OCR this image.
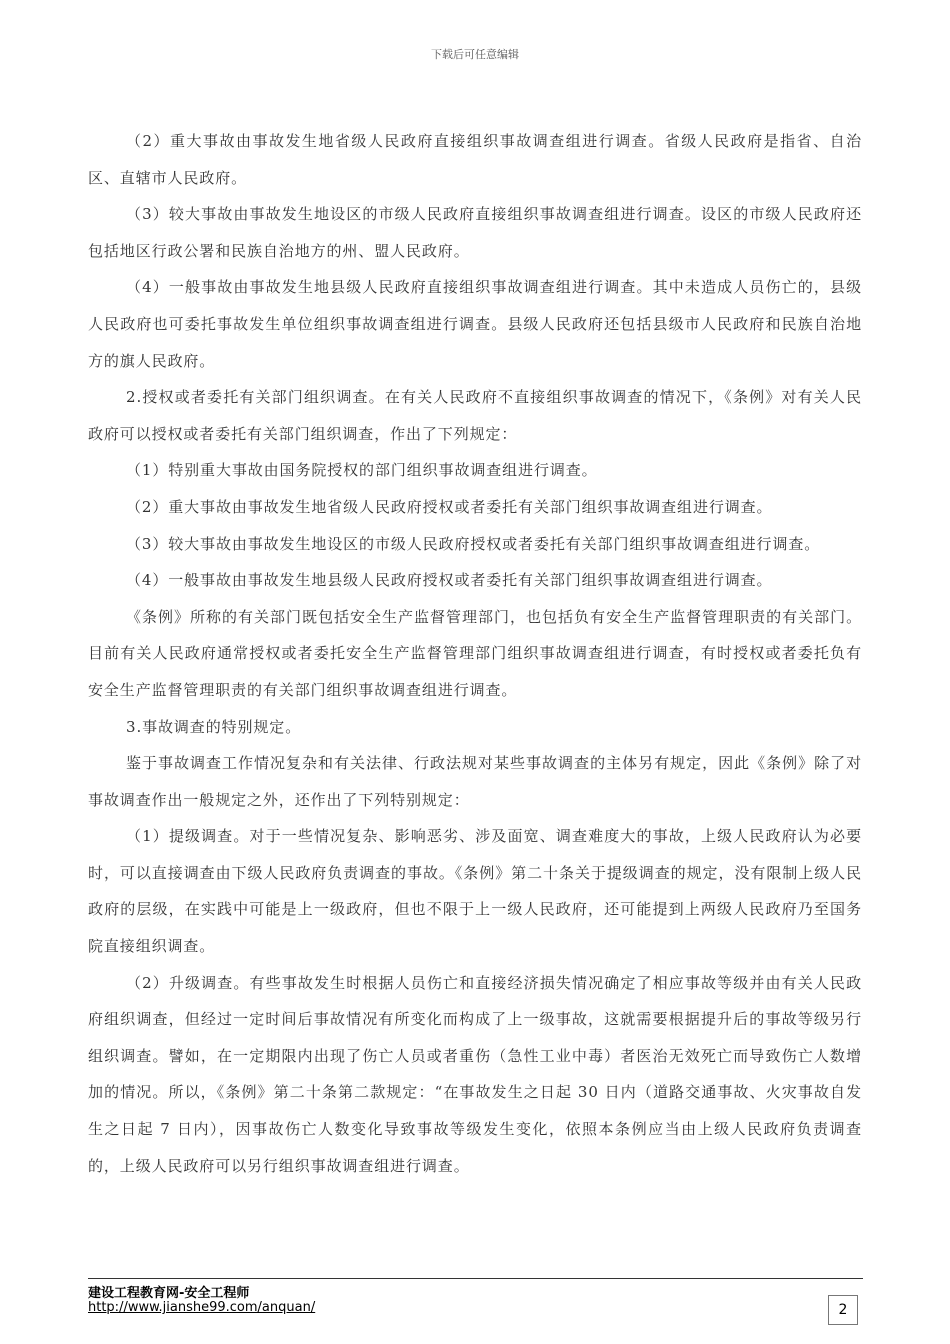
下载后可任意编辑

（2）重大事故由事故发生地省级人民政府直接组织事故调查组进行调查。省级人民政府是指省、自治区、直辖市人民政府。

（3）较大事故由事故发生地设区的市级人民政府直接组织事故调查组进行调查。设区的市级人民政府还包括地区行政公署和民族自治地方的州、盟人民政府。

（4）一般事故由事故发生地县级人民政府直接组织事故调查组进行调查。其中未造成人员伤亡的，县级人民政府也可委托事故发生单位组织事故调查组进行调查。县级人民政府还包括县级市人民政府和民族自治地方的旗人民政府。

2.授权或者委托有关部门组织调查。在有关人民政府不直接组织事故调查的情况下，《条例》对有关人民政府可以授权或者委托有关部门组织调查，作出了下列规定：

（1）特别重大事故由国务院授权的部门组织事故调查组进行调查。

（2）重大事故由事故发生地省级人民政府授权或者委托有关部门组织事故调查组进行调查。

（3）较大事故由事故发生地设区的市级人民政府授权或者委托有关部门组织事故调查组进行调查。

（4）一般事故由事故发生地县级人民政府授权或者委托有关部门组织事故调查组进行调查。

《条例》所称的有关部门既包括安全生产监督管理部门，也包括负有安全生产监督管理职责的有关部门。目前有关人民政府通常授权或者委托安全生产监督管理部门组织事故调查组进行调查，有时授权或者委托负有安全生产监督管理职责的有关部门组织事故调查组进行调查。

3.事故调查的特别规定。

鉴于事故调查工作情况复杂和有关法律、行政法规对某些事故调查的主体另有规定，因此《条例》除了对事故调查作出一般规定之外，还作出了下列特别规定：

（1）提级调查。对于一些情况复杂、影响恶劣、涉及面宽、调查难度大的事故，上级人民政府认为必要时，可以直接调查由下级人民政府负责调查的事故。《条例》第二十条关于提级调查的规定，没有限制上级人民政府的层级，在实践中可能是上一级政府，但也不限于上一级人民政府，还可能提到上两级人民政府乃至国务院直接组织调查。

（2）升级调查。有些事故发生时根据人员伤亡和直接经济损失情况确定了相应事故等级并由有关人民政府组织调查，但经过一定时间后事故情况有所变化而构成了上一级事故，这就需要根据提升后的事故等级另行组织调查。譬如，在一定期限内出现了伤亡人员或者重伤（急性工业中毒）者医治无效死亡而导致伤亡人数增加的情况。所以，《条例》第二十条第二款规定：“在事故发生之日起 30 日内（道路交通事故、火灾事故自发生之日起 7 日内），因事故伤亡人数变化导致事故等级发生变化，依照本条例应当由上级人民政府负责调查的，上级人民政府可以另行组织事故调查组进行调查。

建设工程教育网-安全工程师
http://www.jianshe99.com/anquan/	2
